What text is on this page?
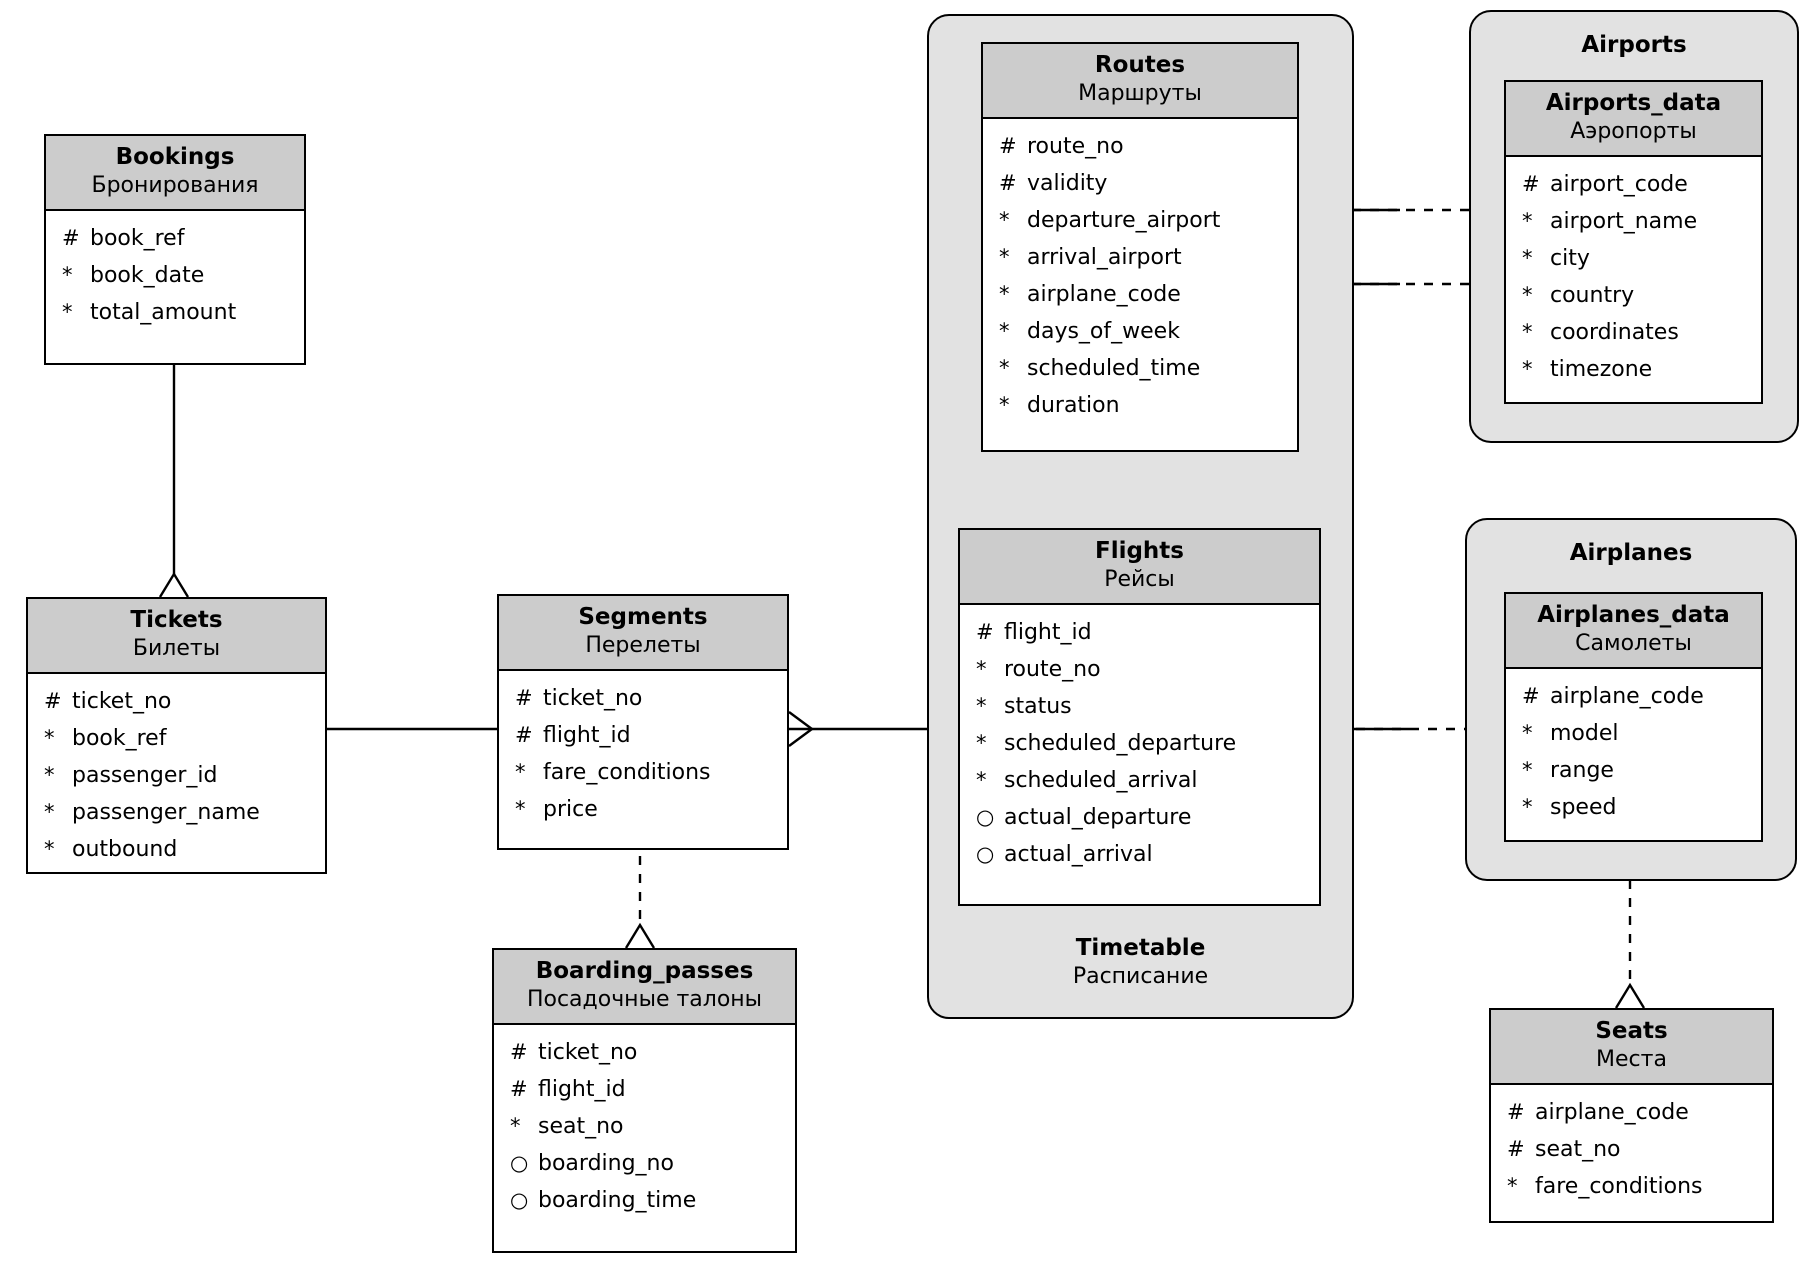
Timetable
Расписание
Airports
Airplanes
Bookings
Бронирования
# book_ref
* book_date
* total_amount
Tickets
Билеты
# ticket_no
* book_ref
* passenger_id
* passenger_name
* outbound
Segments
Перелеты
# ticket_no
# flight_id
* fare_conditions
* price
Boarding_passes
Посадочные талоны
# ticket_no
# flight_id
* seat_no
○ boarding_no
○ boarding_time
Routes
Маршруты
# route_no
# validity
* departure_airport
* arrival_airport
* airplane_code
* days_of_week
* scheduled_time
* duration
Flights
Рейсы
# flight_id
* route_no
* status
* scheduled_departure
* scheduled_arrival
○ actual_departure
○ actual_arrival
Airports_data
Аэропорты
# airport_code
* airport_name
* city
* country
* coordinates
* timezone
Airplanes_data
Самолеты
# airplane_code
* model
* range
* speed
Seats
Места
# airplane_code
# seat_no
* fare_conditions
